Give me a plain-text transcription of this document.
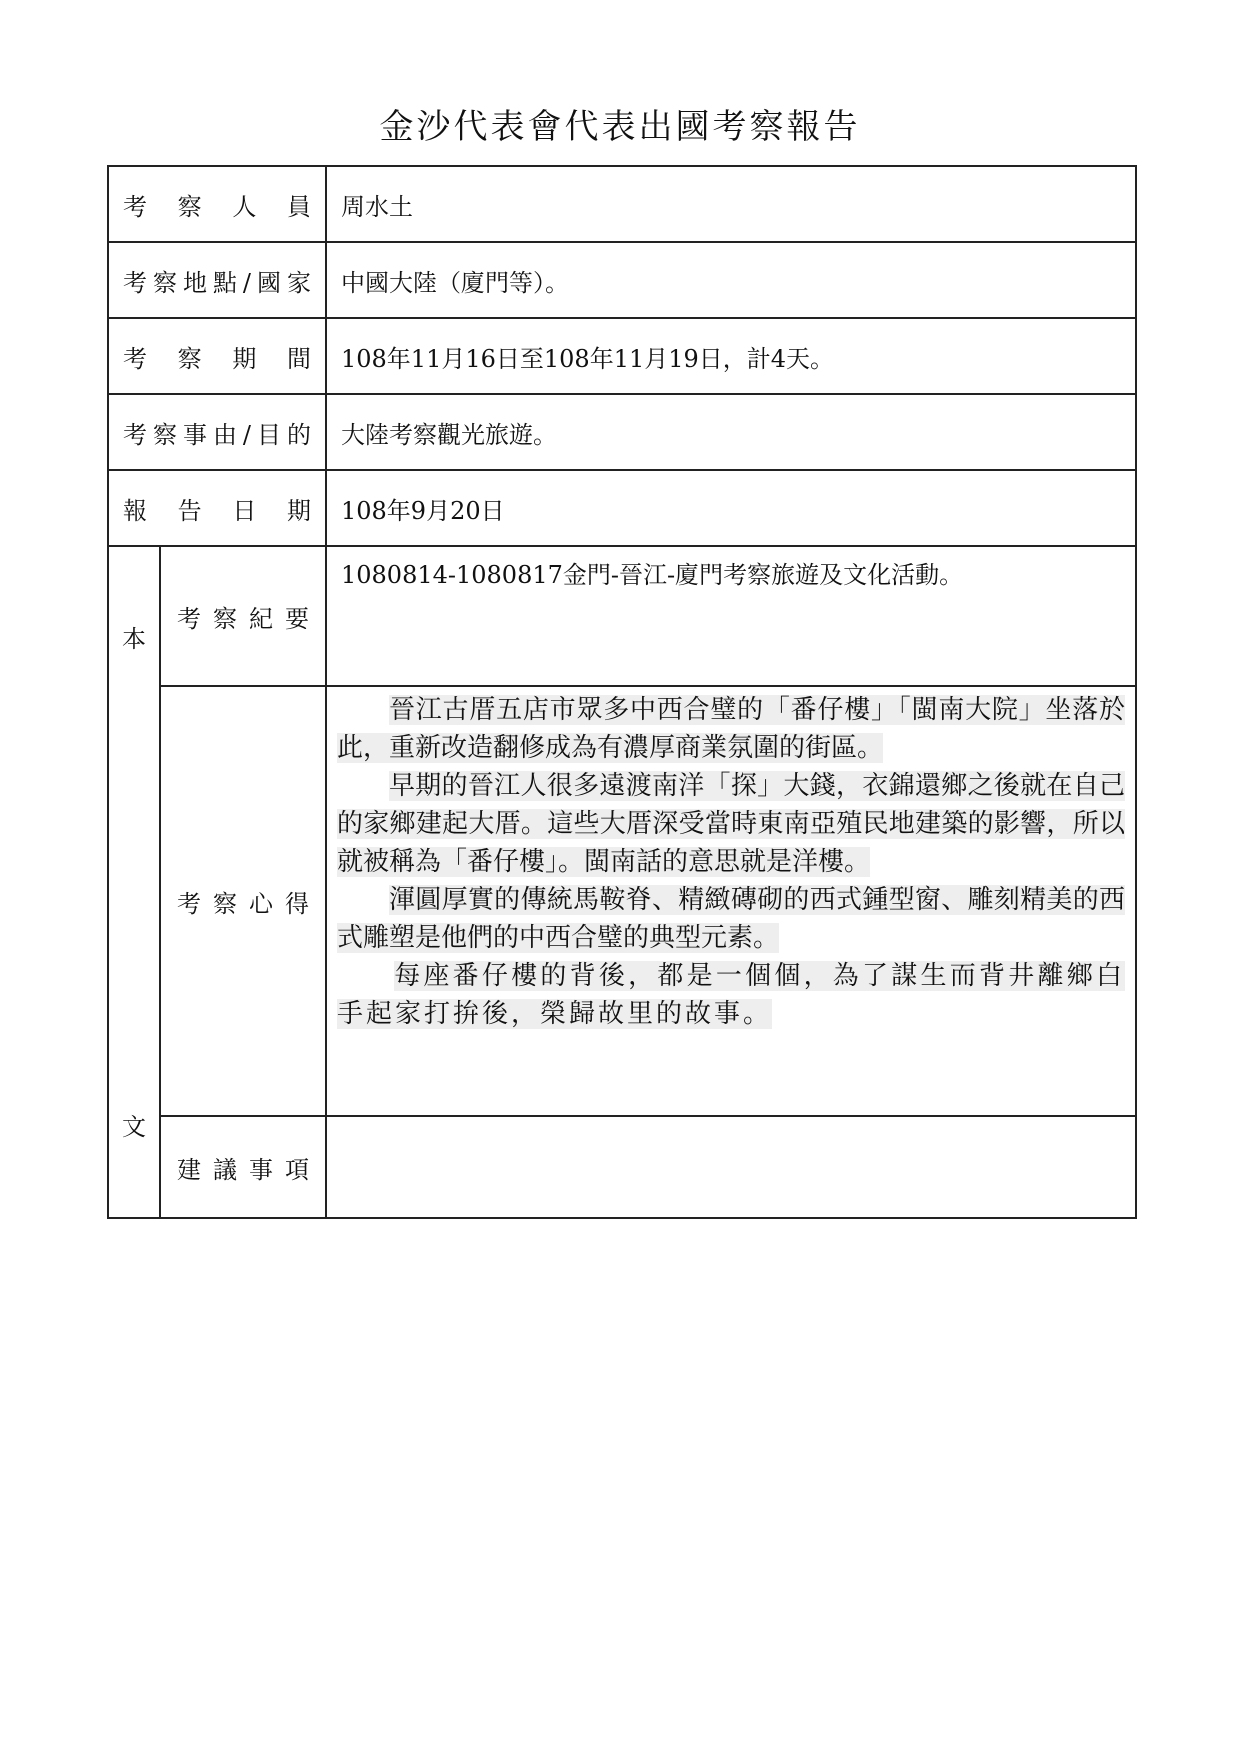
金沙代表會代表出國考察報告
考察人員		周水土
考察地點/國家		中國大陸（廈門等）。
考察期間		108年11月16日至108年11月19日，計4天。
考察事由/目的		大陸考察觀光旅遊。
報告日期		108年9月20日

本
文	考察紀要	1080814-1080817金門-晉江-廈門考察旅遊及文化活動。
	考察心得	晉江古厝五店市眾多中西合璧的「番仔樓」「閩南大院」坐落於此，重新改造翻修成為有濃厚商業氛圍的街區。

早期的晉江人很多遠渡南洋「探」大錢，衣錦還鄉之後就在自己的家鄉建起大厝。這些大厝深受當時東南亞殖民地建築的影響，所以就被稱為「番仔樓」。閩南話的意思就是洋樓。

渾圓厚實的傳統馬鞍脊、精緻磚砌的西式鍾型窗、雕刻精美的西式雕塑是他們的中西合璧的典型元素。

每座番仔樓的背後，都是一個個，為了謀生而背井離鄉白手起家打拚後，榮歸故里的故事。

	建議事項	
